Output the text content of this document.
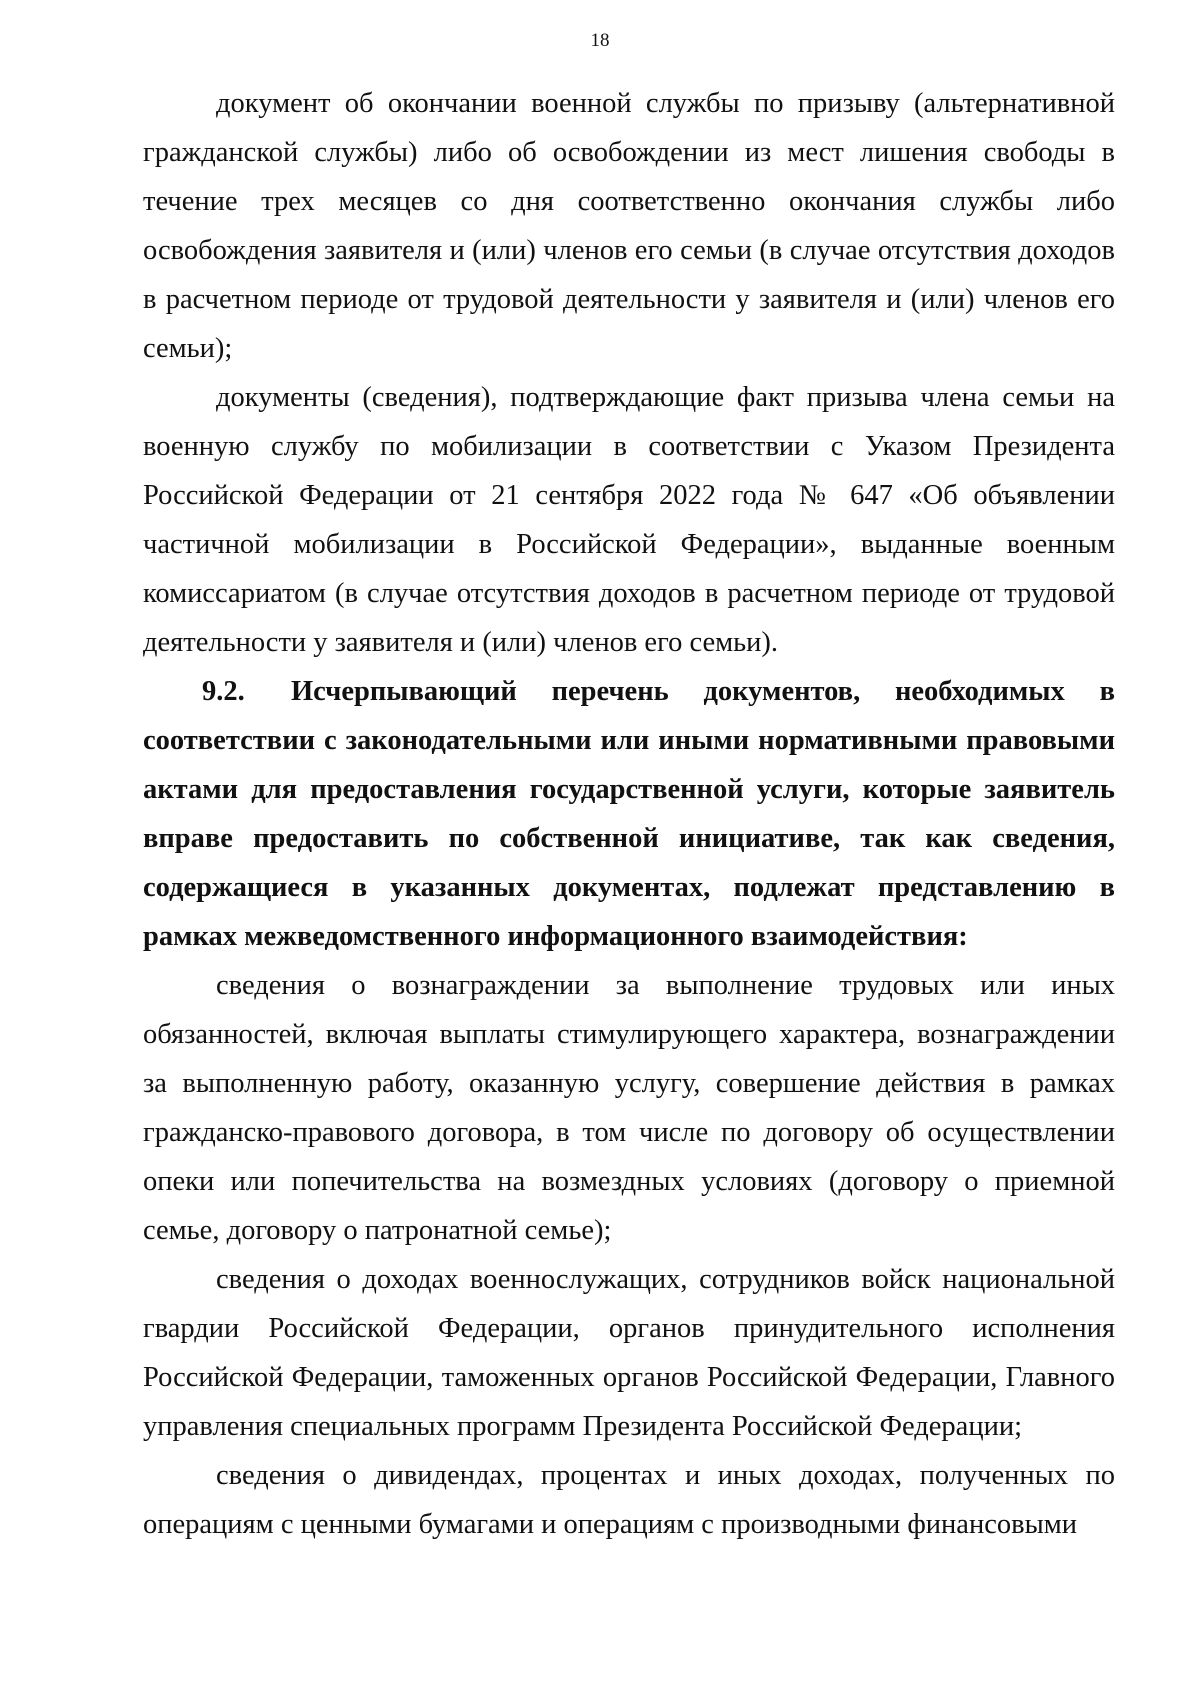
18

документ об окончании военной службы по призыву (альтернативной гражданской службы) либо об освобождении из мест лишения свободы в течение трех месяцев со дня соответственно окончания службы либо освобождения заявителя и (или) членов его семьи (в случае отсутствия доходов в расчетном периоде от трудовой деятельности у заявителя и (или) членов его семьи);

документы (сведения), подтверждающие факт призыва члена семьи на военную службу по мобилизации в соответствии с Указом Президента Российской Федерации от 21 сентября 2022 года № 647 «Об объявлении частичной мобилизации в Российской Федерации», выданные военным комиссариатом (в случае отсутствия доходов в расчетном периоде от трудовой деятельности у заявителя и (или) членов его семьи).

9.2. Исчерпывающий перечень документов, необходимых в соответствии с законодательными или иными нормативными правовыми актами для предоставления государственной услуги, которые заявитель вправе предоставить по собственной инициативе, так как сведения, содержащиеся в указанных документах, подлежат представлению в рамках межведомственного информационного взаимодействия:

сведения о вознаграждении за выполнение трудовых или иных обязанностей, включая выплаты стимулирующего характера, вознаграждении за выполненную работу, оказанную услугу, совершение действия в рамках гражданско-правового договора, в том числе по договору об осуществлении опеки или попечительства на возмездных условиях (договору о приемной семье, договору о патронатной семье);

сведения о доходах военнослужащих, сотрудников войск национальной гвардии Российской Федерации, органов принудительного исполнения Российской Федерации, таможенных органов Российской Федерации, Главного управления специальных программ Президента Российской Федерации;

сведения о дивидендах, процентах и иных доходах, полученных по операциям с ценными бумагами и операциям с производными финансовыми
